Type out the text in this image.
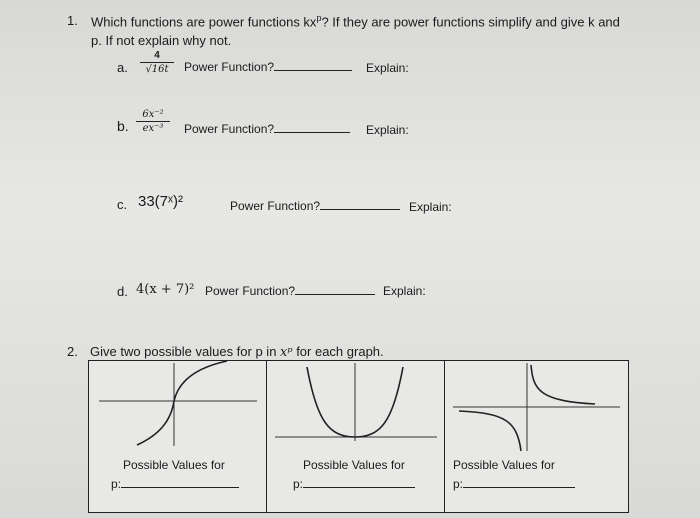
1. Which functions are power functions $kx^p$? If they are power functions simplify and give k and
p. If not explain why not.
a.
4
√16t	Power Function?	Explain:
b.
6x⁻²
ex⁻³	Power Function?	Explain:
c. 33(7ˣ)²	Power Function?	Explain:
d. 4(x + 7)² Power Function?	Explain:
2. Give two possible values for p in xᵖ for each graph.
Possible Values for
p:
Possible Values for
p:
Possible Values for
p:
